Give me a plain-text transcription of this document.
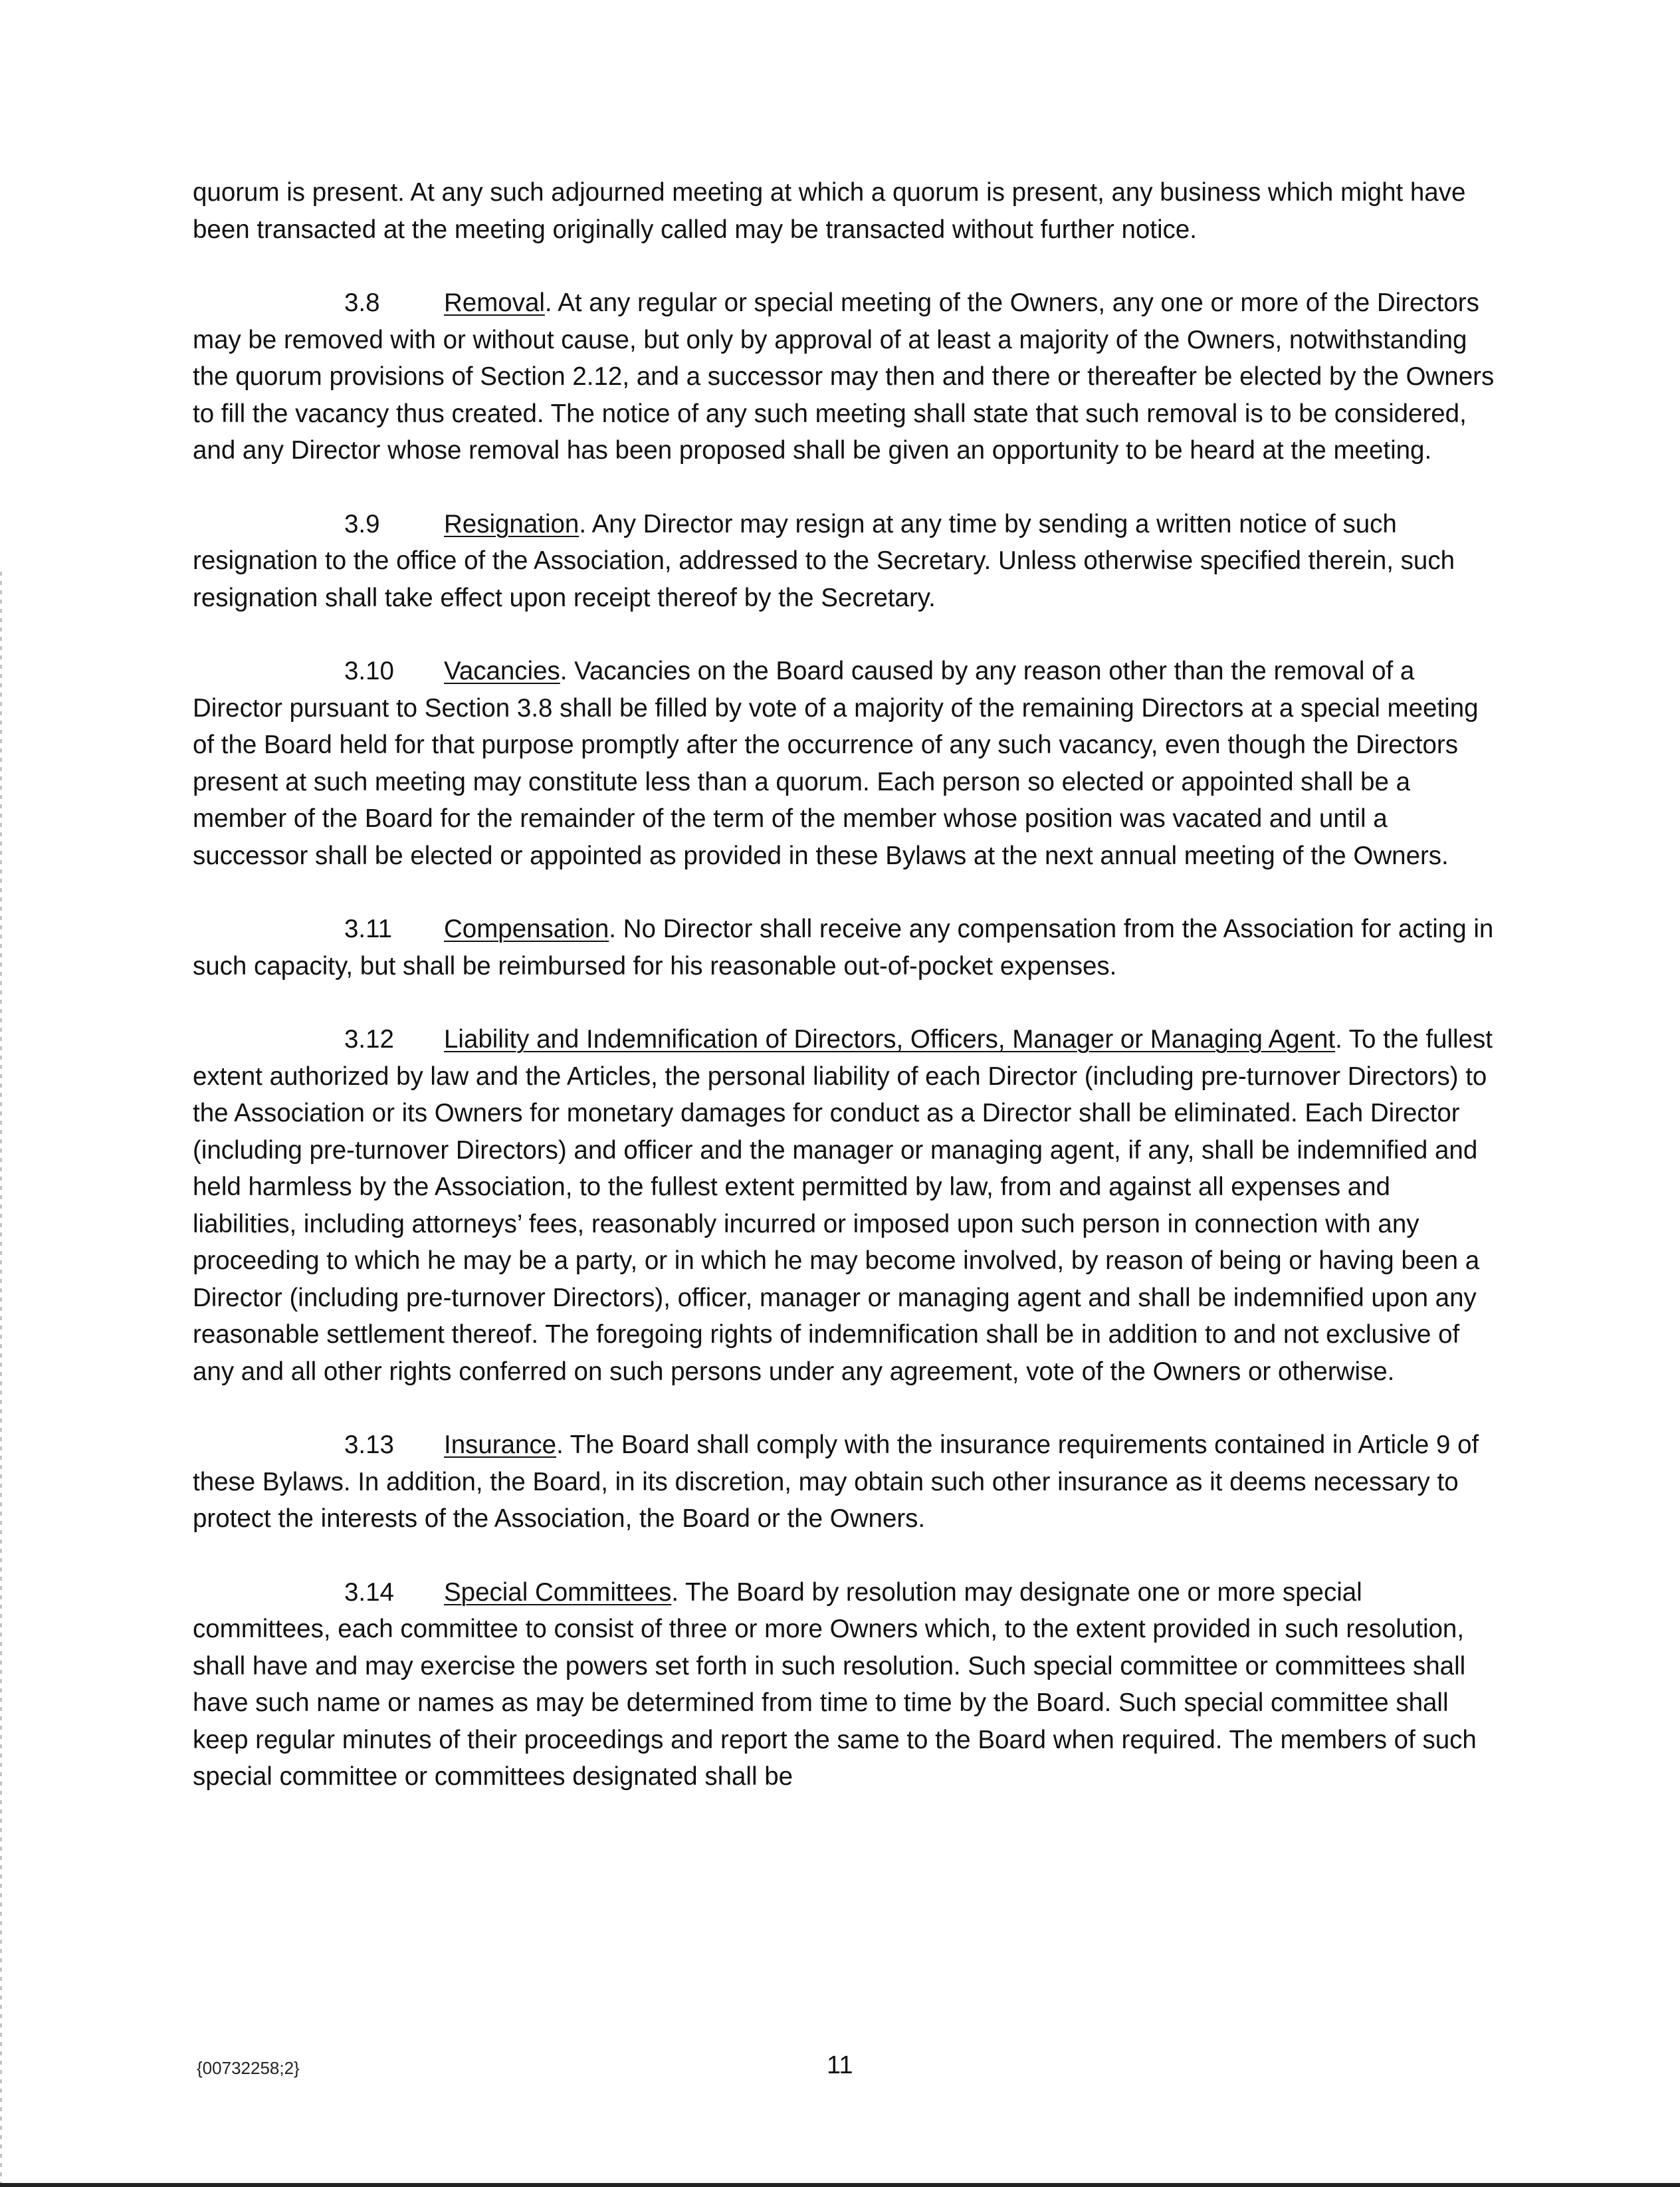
quorum is present. At any such adjourned meeting at which a quorum is present, any business which might have been transacted at the meeting originally called may be transacted without further notice.

3.8	Removal. At any regular or special meeting of the Owners, any one or more of the Directors may be removed with or without cause, but only by approval of at least a majority of the Owners, notwithstanding the quorum provisions of Section 2.12, and a successor may then and there or thereafter be elected by the Owners to fill the vacancy thus created. The notice of any such meeting shall state that such removal is to be considered, and any Director whose removal has been proposed shall be given an opportunity to be heard at the meeting.

3.9	Resignation. Any Director may resign at any time by sending a written notice of such resignation to the office of the Association, addressed to the Secretary. Unless otherwise specified therein, such resignation shall take effect upon receipt thereof by the Secretary.

3.10 Vacancies. Vacancies on the Board caused by any reason other than the removal of a Director pursuant to Section 3.8 shall be filled by vote of a majority of the remaining Directors at a special meeting of the Board held for that purpose promptly after the occurrence of any such vacancy, even though the Directors present at such meeting may constitute less than a quorum. Each person so elected or appointed shall be a member of the Board for the remainder of the term of the member whose position was vacated and until a successor shall be elected or appointed as provided in these Bylaws at the next annual meeting of the Owners.

3.11 Compensation. No Director shall receive any compensation from the Association for acting in such capacity, but shall be reimbursed for his reasonable out-of-pocket expenses.

3.12 Liability and Indemnification of Directors, Officers, Manager or Managing Agent. To the fullest extent authorized by law and the Articles, the personal liability of each Director (including pre-turnover Directors) to the Association or its Owners for monetary damages for conduct as a Director shall be eliminated. Each Director (including pre-turnover Directors) and officer and the manager or managing agent, if any, shall be indemnified and held harmless by the Association, to the fullest extent permitted by law, from and against all expenses and liabilities, including attorneys’ fees, reasonably incurred or imposed upon such person in connection with any proceeding to which he may be a party, or in which he may become involved, by reason of being or having been a Director (including pre-turnover Directors), officer, manager or managing agent and shall be indemnified upon any reasonable settlement thereof. The foregoing rights of indemnification shall be in addition to and not exclusive of any and all other rights conferred on such persons under any agreement, vote of the Owners or otherwise.

3.13 Insurance. The Board shall comply with the insurance requirements contained in Article 9 of these Bylaws. In addition, the Board, in its discretion, may obtain such other insurance as it deems necessary to protect the interests of the Association, the Board or the Owners.

3.14 Special Committees. The Board by resolution may designate one or more special committees, each committee to consist of three or more Owners which, to the extent provided in such resolution, shall have and may exercise the powers set forth in such resolution. Such special committee or committees shall have such name or names as may be determined from time to time by the Board. Such special committee shall keep regular minutes of their proceedings and report the same to the Board when required. The members of such special committee or committees designated shall be

{00732258;2}	11
